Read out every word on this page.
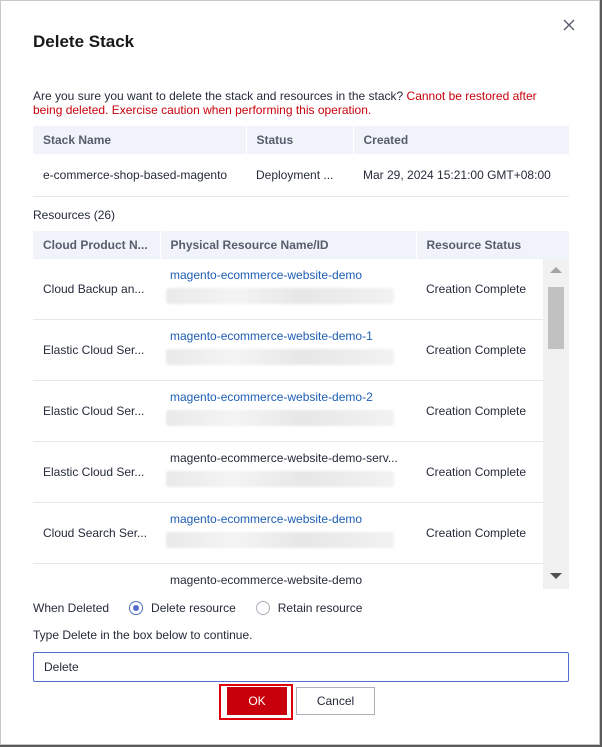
Delete Stack
Are you sure you want to delete the stack and resources in the stack? Cannot be restored after being deleted. Exercise caution when performing this operation.
Stack Name	Status	Created
e-commerce-shop-based-magento	Deployment ...	Mar 29, 2024 15:21:00 GMT+08:00
Resources (26)
Cloud Product N...	Physical Resource Name/ID	Resource Status
Cloud Backup an...	magento-ecommerce-website-demo	Creation Complete
Elastic Cloud Ser...	magento-ecommerce-website-demo-1	Creation Complete
Elastic Cloud Ser...	magento-ecommerce-website-demo-2	Creation Complete
Elastic Cloud Ser...	magento-ecommerce-website-demo-serv...	Creation Complete
Cloud Search Ser...	magento-ecommerce-website-demo	Creation Complete

	magento-ecommerce-website-demo	

When Deleted	Delete resource	Retain resource
Type Delete in the box below to continue.
Delete
OK	Cancel
